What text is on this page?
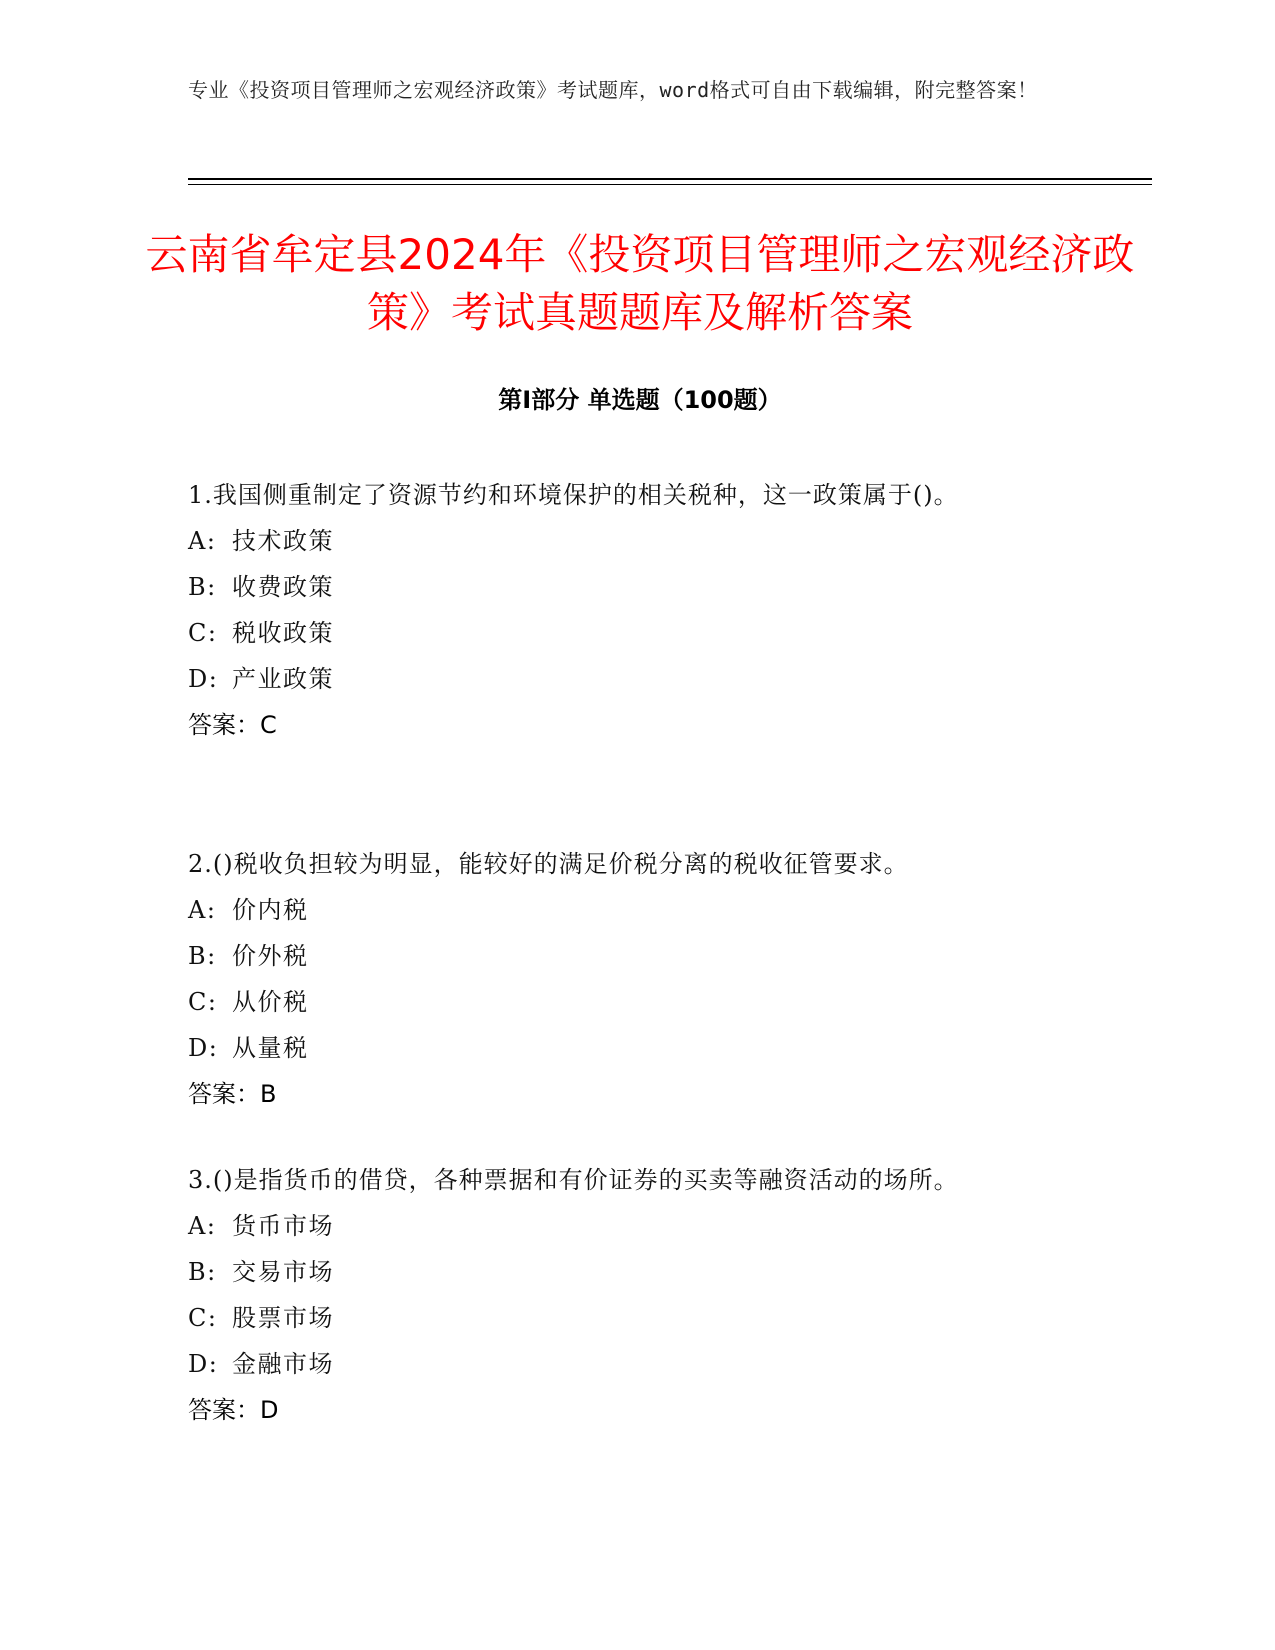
专业《投资项目管理师之宏观经济政策》考试题库，word格式可自由下载编辑，附完整答案！
云南省牟定县2024年《投资项目管理师之宏观经济政策》考试真题题库及解析答案
第Ⅰ部分 单选题（100题）

1.我国侧重制定了资源节约和环境保护的相关税种，这一政策属于()。

A: 技术政策

B: 收费政策

C: 税收政策

D: 产业政策

答案：C

2.()税收负担较为明显，能较好的满足价税分离的税收征管要求。

A: 价内税

B: 价外税

C: 从价税

D: 从量税

答案：B

3.()是指货币的借贷，各种票据和有价证券的买卖等融资活动的场所。

A: 货币市场

B: 交易市场

C: 股票市场

D: 金融市场

答案：D
